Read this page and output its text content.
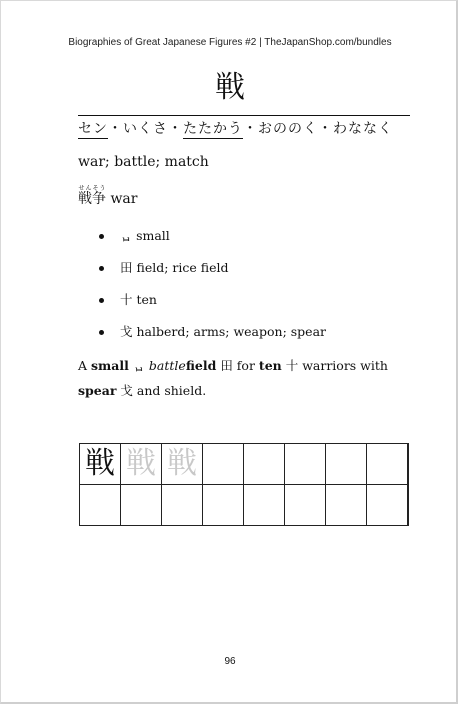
Biographies of Great Japanese Figures #2 | TheJapanShop.com/bundles
戦
セン・いくさ・たたかう・おののく・わななく
war; battle; match
戦争せんそう war
ᆸ small
田 field; rice field
十 ten
戈 halberd; arms; weapon; spear
A small ᆸ battlefield 田 for ten 十 warriors with spear 戈 and shield.
戦	戦	戦					

96
